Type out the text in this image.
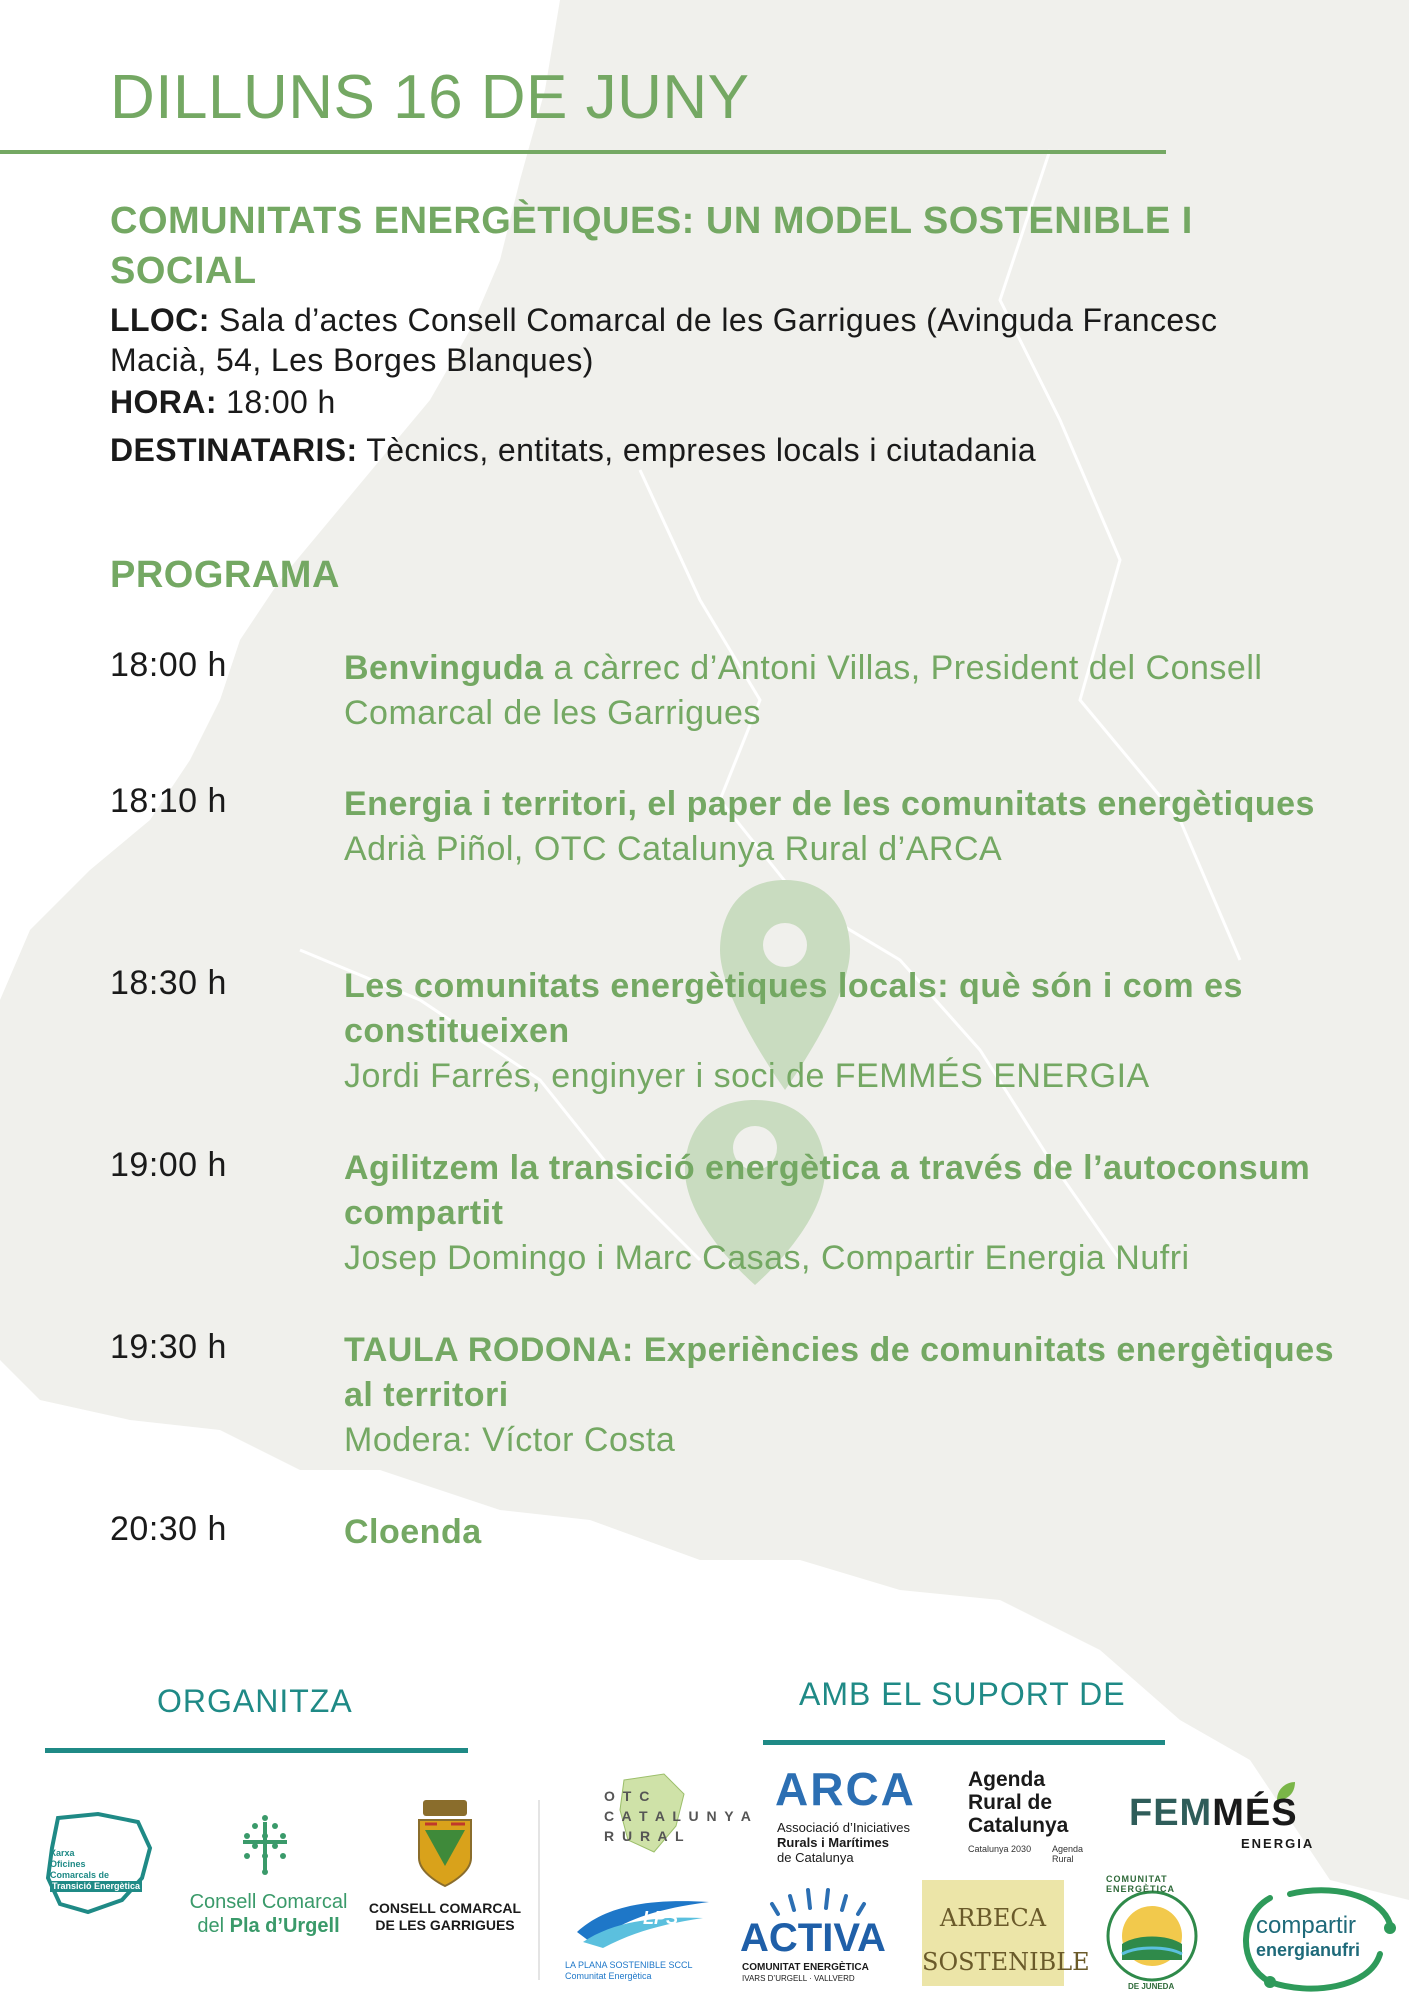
DILLUNS 16 DE JUNY
COMUNITATS ENERGÈTIQUES: UN MODEL SOSTENIBLE I SOCIAL
LLOC: Sala d’actes Consell Comarcal de les Garrigues (Avinguda Francesc Macià, 54, Les Borges Blanques)
HORA: 18:00 h
DESTINATARIS: Tècnics, entitats, empreses locals i ciutadania
PROGRAMA
18:00 h	Benvinguda a càrrec d’Antoni Villas, President del Consell Comarcal de les Garrigues
18:10 h	Energia i territori, el paper de les comunitats energètiques
Adrià Piñol, OTC Catalunya Rural d’ARCA
18:30 h	Les comunitats energètiques locals: què són i com es constitueixen
Jordi Farrés, enginyer i soci de FEMMÉS ENERGIA
19:00 h	Agilitzem la transició energètica a través de l’autoconsum compartit
Josep Domingo i Marc Casas, Compartir Energia Nufri
19:30 h	TAULA RODONA: Experiències de comunitats energètiques al territori
Modera: Víctor Costa
20:30 h	Cloenda
ORGANITZA	AMB EL SUPORT DE
Xarxa
Oficines
Comarcals de
Transició Energètica
Consell Comarcal
del Pla d’Urgell
CONSELL COMARCAL
DE LES GARRIGUES
O T C
C A T A L U N Y A
R U R A L
ARCA
Associació d’Iniciatives
Rurals i Marítimes
de Catalunya
Agenda
Rural de
Catalunya
Catalunya 2030 Agenda
Rural
FEMMÉS
ENERGIA
LPS
LA PLANA SOSTENIBLE SCCL
Comunitat Energètica
ACTIVA
COMUNITAT ENERGÈTICA
IVARS D’URGELL · VALLVERD
ARBECA
SOSTENIBLE
COMUNITAT ENERGÈTICA
DE JUNEDA
compartir
energianufri
